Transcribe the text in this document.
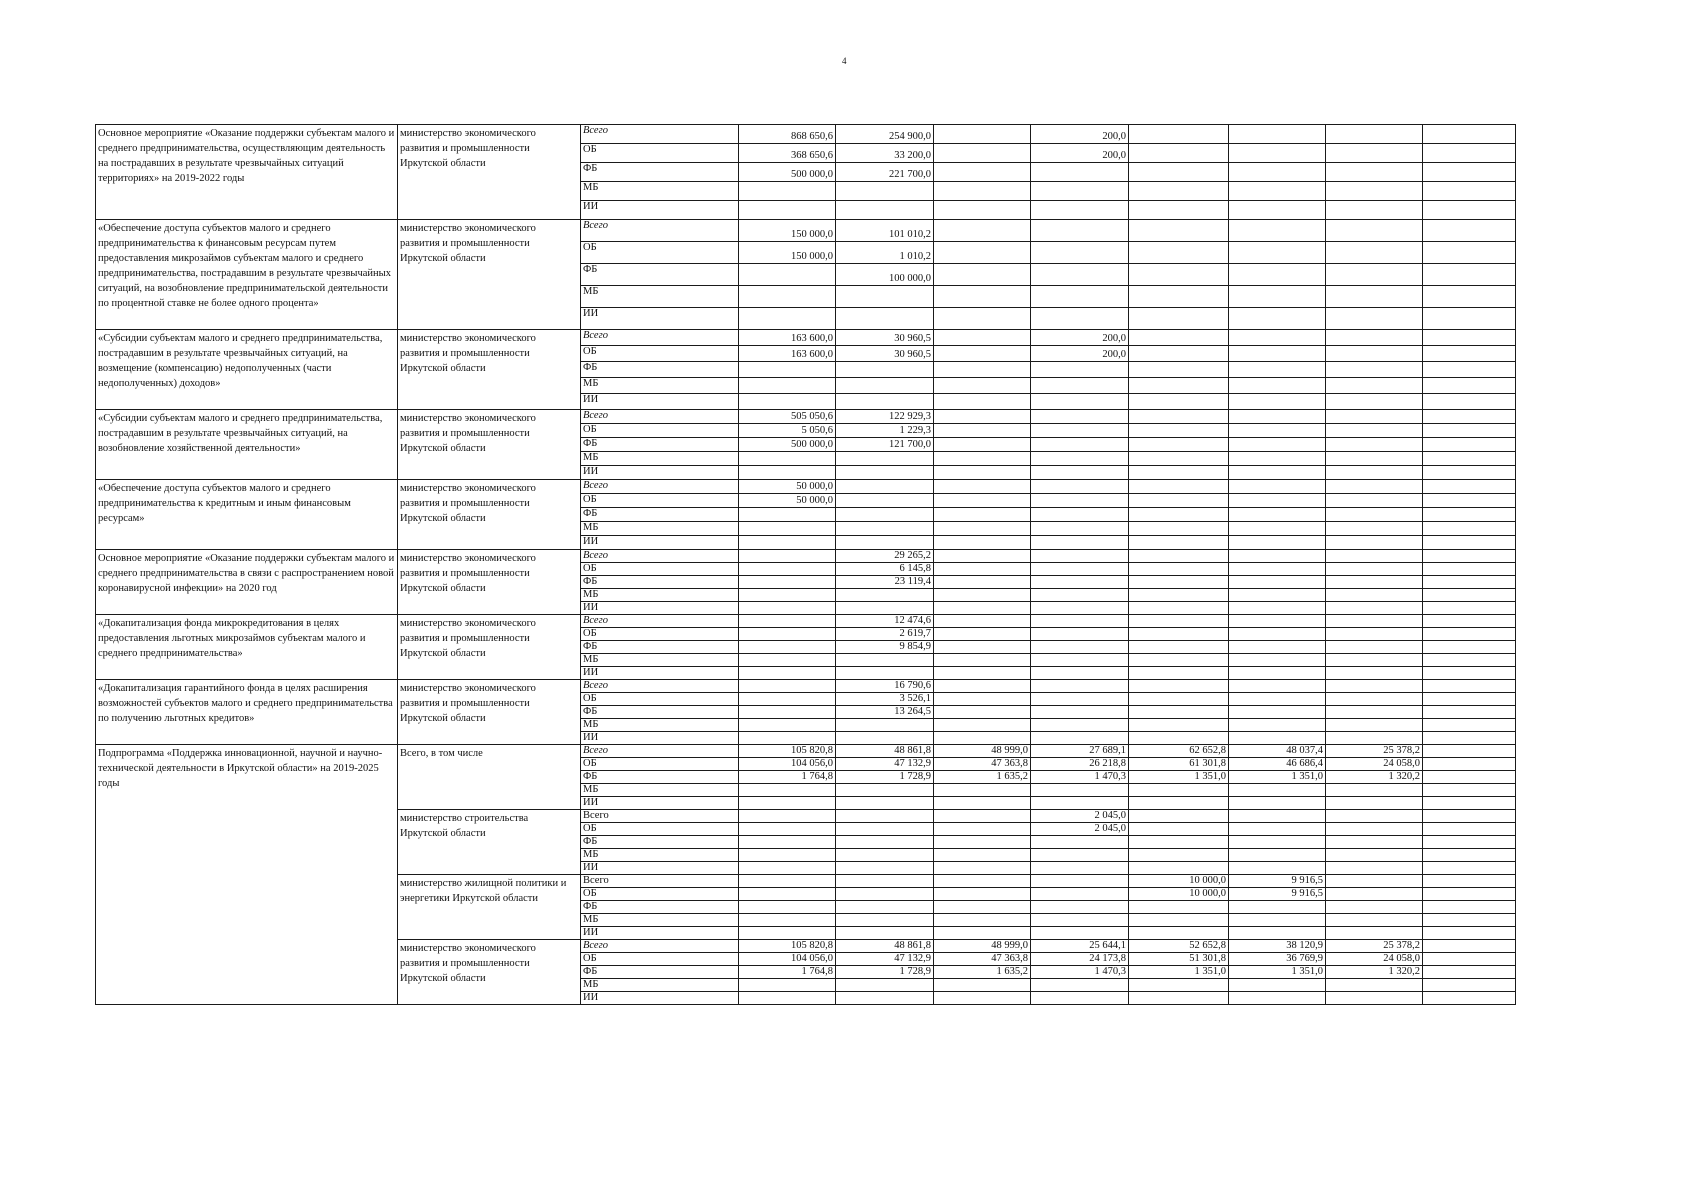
4
Основное мероприятие «Оказание поддержки субъектам малого и среднего предпринимательства, осуществляющим деятельность на пострадавших в результате чрезвычайных ситуаций территориях» на 2019-2022 годы	министерство экономического развития и промышленности Иркутской области	Всего	868 650,6	254 900,0		200,0				
		ОБ	368 650,6	33 200,0		200,0				
		ФБ	500 000,0	221 700,0						
		МБ								
		ИИ								
«Обеспечение доступа субъектов малого и среднего предпринимательства к финансовым ресурсам путем предоставления микрозаймов субъектам малого и среднего предпринимательства, пострадавшим в результате чрезвычайных ситуаций, на возобновление предпринимательской деятельности по процентной ставке не более одного процента»	министерство экономического развития и промышленности Иркутской области	Всего	150 000,0	101 010,2						
		ОБ	150 000,0	1 010,2						
		ФБ		100 000,0						
		МБ								
		ИИ								
«Субсидии субъектам малого и среднего предпринимательства, пострадавшим в результате чрезвычайных ситуаций, на возмещение (компенсацию) недополученных (части недополученных) доходов»	министерство экономического развития и промышленности Иркутской области	Всего	163 600,0	30 960,5		200,0				
		ОБ	163 600,0	30 960,5		200,0				
		ФБ								
		МБ								
		ИИ								
«Субсидии субъектам малого и среднего предпринимательства, пострадавшим в результате чрезвычайных ситуаций, на возобновление хозяйственной деятельности»	министерство экономического развития и промышленности Иркутской области	Всего	505 050,6	122 929,3						
		ОБ	5 050,6	1 229,3						
		ФБ	500 000,0	121 700,0						
		МБ								
		ИИ								
«Обеспечение доступа субъектов малого и среднего предпринимательства к кредитным и иным финансовым ресурсам»	министерство экономического развития и промышленности Иркутской области	Всего	50 000,0							
		ОБ	50 000,0							
		ФБ								
		МБ								
		ИИ								
Основное мероприятие «Оказание поддержки субъектам малого и среднего предпринимательства в связи с распространением новой коронавирусной инфекции» на 2020 год	министерство экономического развития и промышленности Иркутской области	Всего		29 265,2						
		ОБ		6 145,8						
		ФБ		23 119,4						
		МБ								
		ИИ								
«Докапитализация фонда микрокредитования в целях предоставления льготных микрозаймов субъектам малого и среднего предпринимательства»	министерство экономического развития и промышленности Иркутской области	Всего		12 474,6						
		ОБ		2 619,7						
		ФБ		9 854,9						
		МБ								
		ИИ								
«Докапитализация гарантийного фонда в целях расширения возможностей субъектов малого и среднего предпринимательства по получению льготных кредитов»	министерство экономического развития и промышленности Иркутской области	Всего		16 790,6						
		ОБ		3 526,1						
		ФБ		13 264,5						
		МБ								
		ИИ								
Подпрограмма «Поддержка инновационной, научной и научно-технической деятельности в Иркутской области» на 2019-2025 годы	Всего, в том числе	Всего	105 820,8	48 861,8	48 999,0	27 689,1	62 652,8	48 037,4	25 378,2	
		ОБ	104 056,0	47 132,9	47 363,8	26 218,8	61 301,8	46 686,4	24 058,0	
		ФБ	1 764,8	1 728,9	1 635,2	1 470,3	1 351,0	1 351,0	1 320,2	
		МБ								
		ИИ								
	министерство строительства Иркутской области	Всего				2 045,0				
		ОБ				2 045,0				
		ФБ								
		МБ								
		ИИ								
	министерство жилищной политики и энергетики Иркутской области	Всего					10 000,0	9 916,5		
		ОБ					10 000,0	9 916,5		
		ФБ								
		МБ								
		ИИ								
	министерство экономического развития и промышленности Иркутской области	Всего	105 820,8	48 861,8	48 999,0	25 644,1	52 652,8	38 120,9	25 378,2	
		ОБ	104 056,0	47 132,9	47 363,8	24 173,8	51 301,8	36 769,9	24 058,0	
		ФБ	1 764,8	1 728,9	1 635,2	1 470,3	1 351,0	1 351,0	1 320,2	
		МБ								
		ИИ								
